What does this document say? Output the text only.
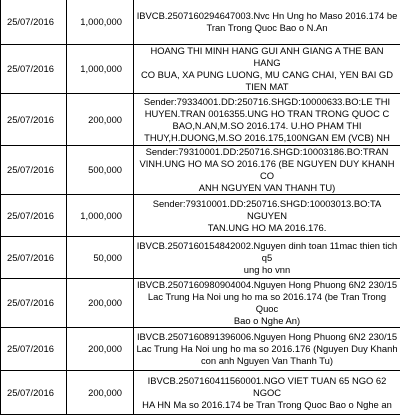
25/07/2016	1,000,000	IBVCB.2507160294647003.Nvc Hn Ung ho Maso 2016.174 be
Tran Trong Quoc Bao o N.An

25/07/2016	1,000,000	HOANG THI MINH HANG GUI ANH GIANG A THE BAN HANG
CO BUA, XA PUNG LUONG, MU CANG CHAI, YEN BAI GD
TIEN MAT

25/07/2016	200,000	Sender:79334001.DD:250716.SHGD:10000633.BO:LE THI
HUYEN.TRAN 0016355.UNG HO TRAN TRONG QUOC C
BAO,N.AN,M.SO 2016.174. U.HO PHAM THI
THUY,H.DUONG,M.SO 2016.175,100NGAN EM (VCB) NH

25/07/2016	500,000	Sender:79310001.DD:250716.SHGD:10003186.BO:TRAN
VINH.UNG HO MA SO 2016.176 (BE NGUYEN DUY KHANH CO
ANH NGUYEN VAN THANH TU)

25/07/2016	1,000,000	Sender:79310001.DD:250716.SHGD:10003013.BO:TA NGUYEN
TAN.UNG HO MA 2016.176.

25/07/2016	50,000	IBVCB.2507160154842002.Nguyen dinh toan 11mac thien tich q5
ung ho vnn

25/07/2016	200,000	IBVCB.2507160980904004.Nguyen Hong Phuong 6N2 230/15
Lac Trung Ha Noi ung ho ma so 2016.174 (be Tran Trong Quoc
Bao o Nghe An)

25/07/2016	200,000	IBVCB.2507160891396006.Nguyen Hong Phuong 6N2 230/15
Lac Trung Ha Noi ung ho ma so 2016.176 (Nguyen Duy Khanh
con anh Nguyen Van Thanh Tu)

25/07/2016	200,000	IBVCB.2507160411560001.NGO VIET TUAN 65 NGO 62 NGOC
HA HN Ma so 2016.174 be Tran Trong Quoc Bao o Nghe an
